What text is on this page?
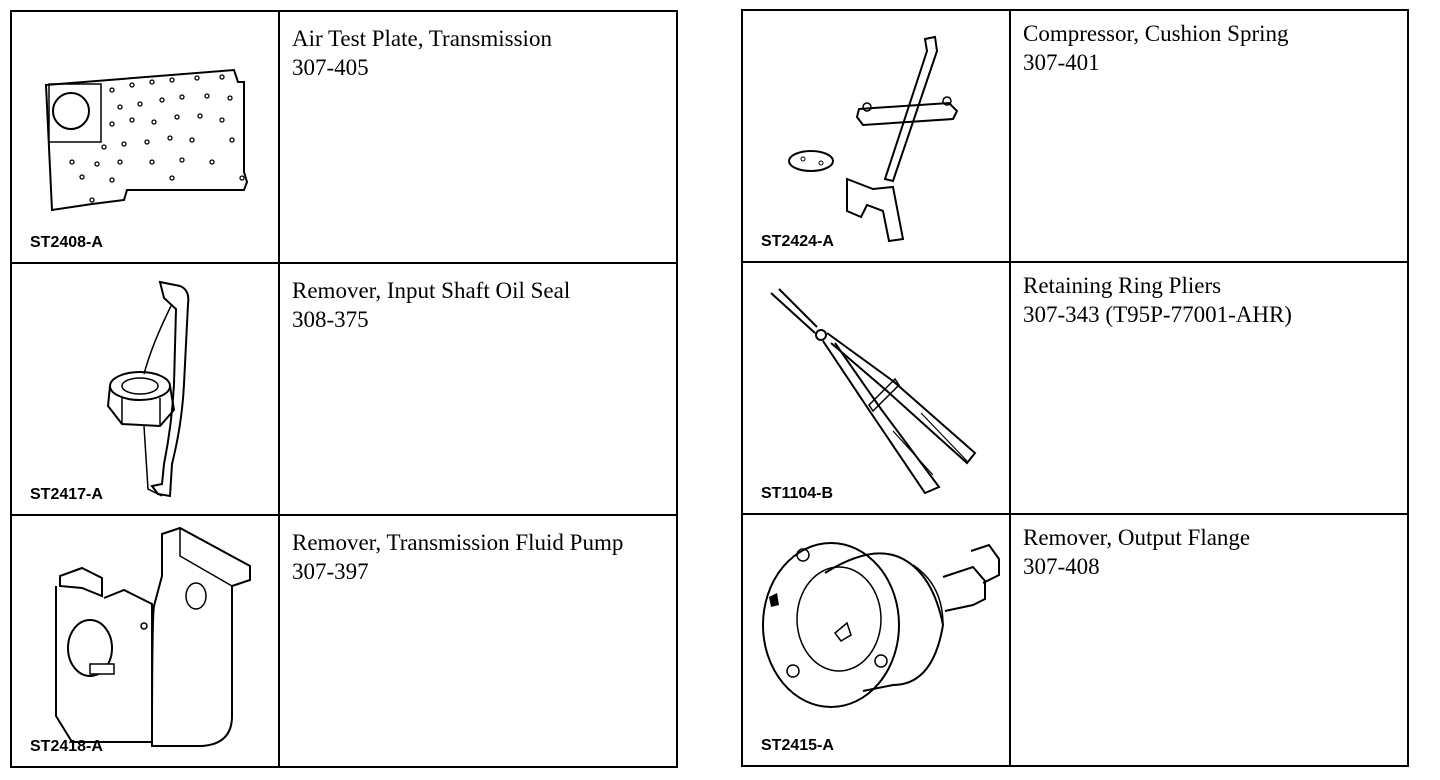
ST2408-A	Air Test Plate, Transmission
307-405

ST2417-A	Remover, Input Shaft Oil Seal
308-375

ST2418-A	Remover, Transmission Fluid Pump
307-397
ST2424-A	Compressor, Cushion Spring
307-401

ST1104-B	Retaining Ring Pliers
307-343 (T95P-77001-AHR)

ST2415-A	Remover, Output Flange
307-408
